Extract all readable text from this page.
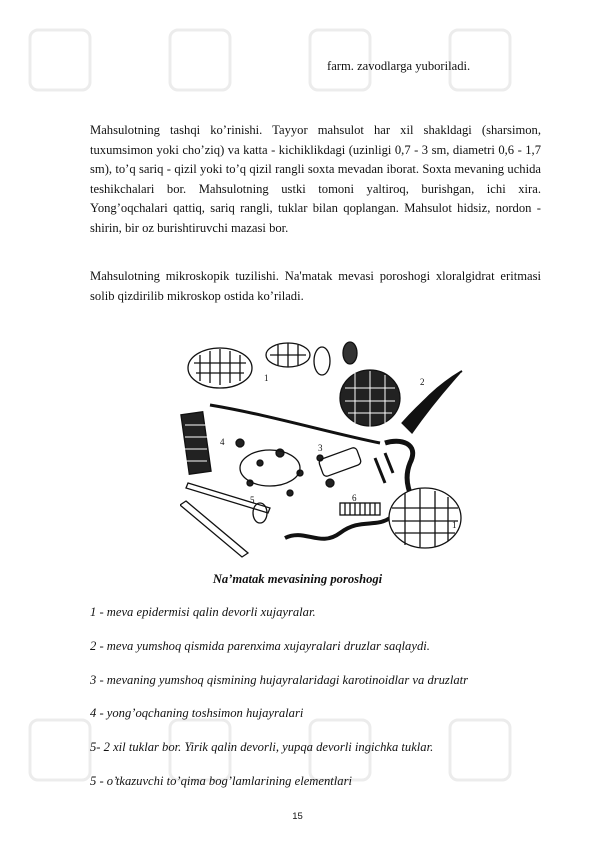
farm. zavodlarga yuboriladi.
Mahsulotning tashqi ko’rinishi. Tayyor mahsulot har xil shakldagi (sharsimon, tuxumsimon yoki cho’ziq) va katta - kichiklikdagi (uzinligi 0,7 - 3 sm, diametri 0,6 - 1,7 sm), to’q sariq - qizil yoki to’q qizil rangli soxta mevadan iborat. Soxta mevaning uchida teshikchalari bor. Mahsulotning ustki tomoni yaltiroq, burishgan, ichi xira. Yong’oqchalari qattiq, sariq rangli, tuklar bilan qoplangan. Mahsulot hidsiz, nordon - shirin, bir oz burishtiruvchi mazasi bor.
Mahsulotning mikroskopik tuzilishi. Na'matak mevasi poroshogi xloralgidrat eritmasi solib qizdirilib mikroskop ostida ko’riladi.
1	2
3
4
5	6
1
Na’matak mevasining poroshogi
1 - meva epidermisi qalin devorli xujayralar.
2 - meva yumshoq qismida parenxima xujayralari druzlar saqlaydi.
3 - mevaning yumshoq qismining hujayralaridagi karotinoidlar va druzlatr
4 - yong’oqchaning toshsimon hujayralari
5- 2 xil tuklar bor. Yirik qalin devorli, yupqa devorli ingichka tuklar.
5 - o’tkazuvchi to’qima bog’lamlarining elementlari
15
